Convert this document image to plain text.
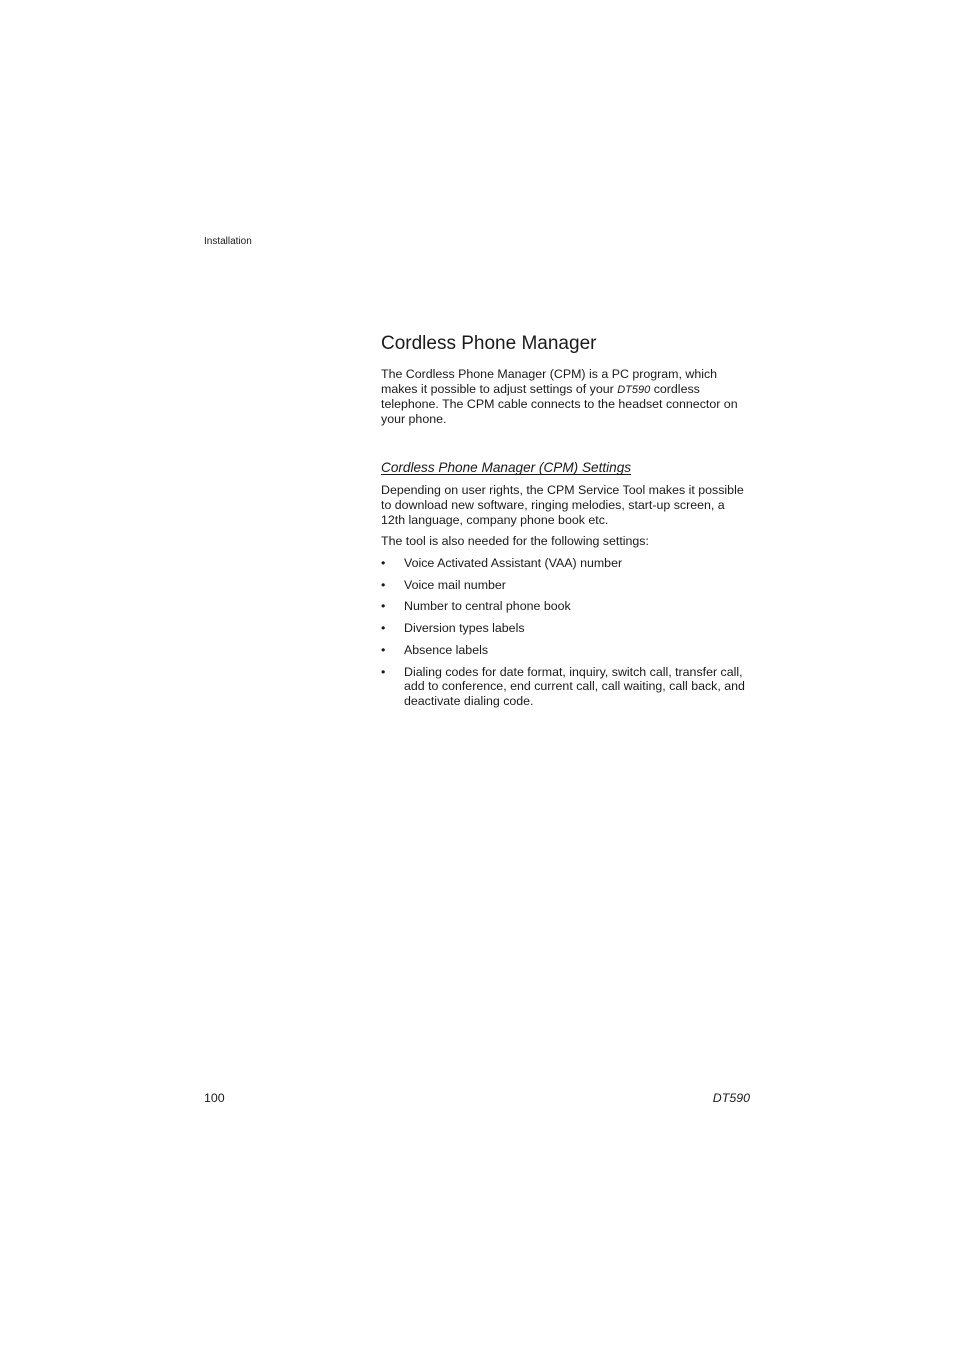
Installation
Cordless Phone Manager

The Cordless Phone Manager (CPM) is a PC program, which makes it possible to adjust settings of your DT590 cordless telephone. The CPM cable connects to the headset connector on your phone.

Cordless Phone Manager (CPM) Settings

Depending on user rights, the CPM Service Tool makes it possible to download new software, ringing melodies, start-up screen, a 12th language, company phone book etc.

The tool is also needed for the following settings:

• Voice Activated Assistant (VAA) number
• Voice mail number
• Number to central phone book
• Diversion types labels
• Absence labels
• Dialing codes for date format, inquiry, switch call, transfer call, add to conference, end current call, call waiting, call back, and deactivate dialing code.
100	DT590
